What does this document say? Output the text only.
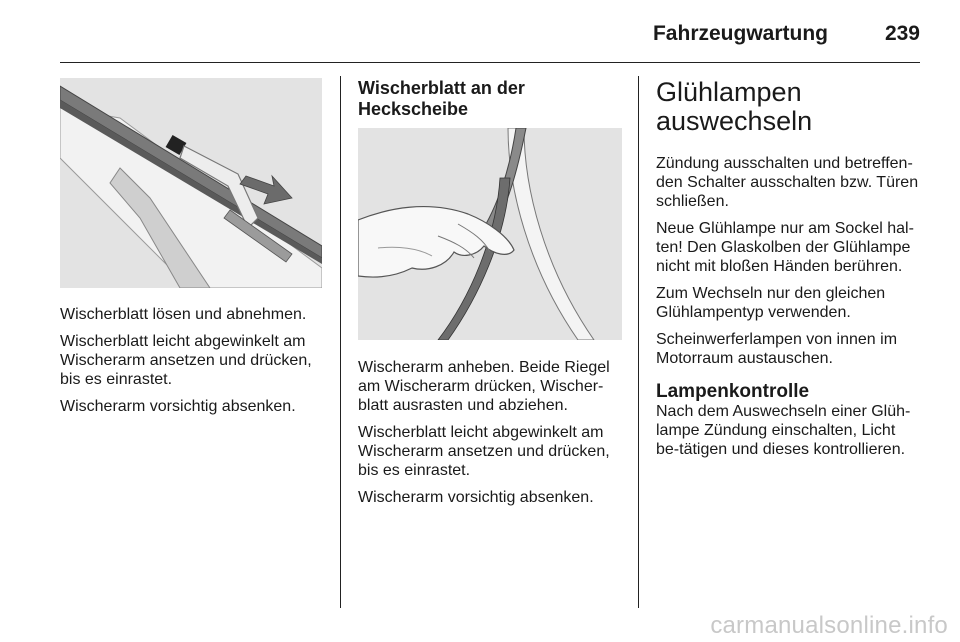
Fahrzeugwartung	239

Wischerblatt lösen und abnehmen.

Wischerblatt leicht abgewinkelt am Wischerarm ansetzen und drücken, bis es einrastet.

Wischerarm vorsichtig absenken.

Wischerblatt an der Heckscheibe

Wischerarm anheben. Beide Riegel am Wischerarm drücken, Wischer-blatt ausrasten und abziehen.

Wischerblatt leicht abgewinkelt am Wischerarm ansetzen und drücken, bis es einrastet.

Wischerarm vorsichtig absenken.

Glühlampen auswechseln

Zündung ausschalten und betreffen-den Schalter ausschalten bzw. Türen schließen.

Neue Glühlampe nur am Sockel hal-ten! Den Glaskolben der Glühlampe nicht mit bloßen Händen berühren.

Zum Wechseln nur den gleichen Glühlampentyp verwenden.

Scheinwerferlampen von innen im Motorraum austauschen.

Lampenkontrolle

Nach dem Auswechseln einer Glüh-lampe Zündung einschalten, Licht be-tätigen und dieses kontrollieren.

carmanualsonline.info
